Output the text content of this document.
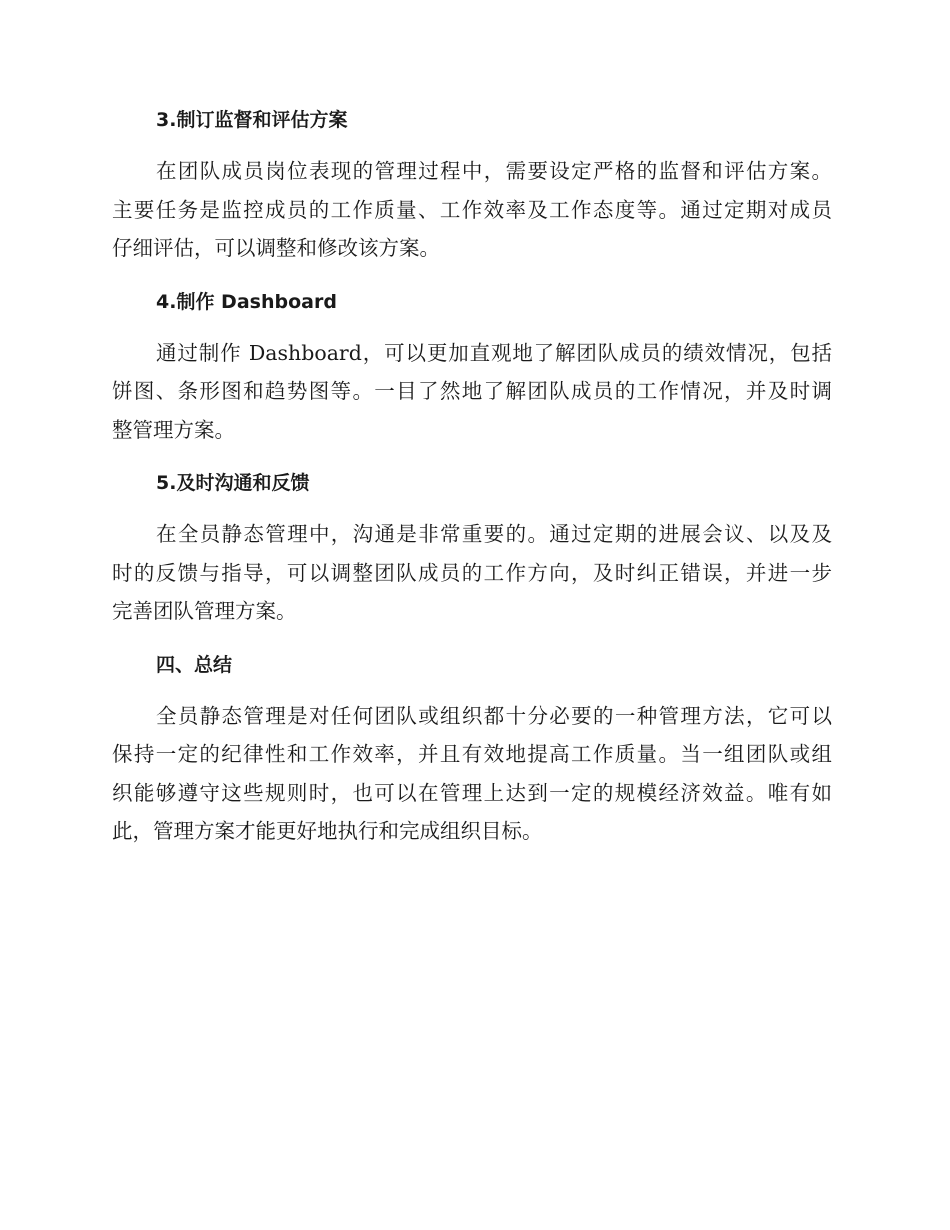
3.制订监督和评估方案
在团队成员岗位表现的管理过程中，需要设定严格的监督和评估方案。
主要任务是监控成员的工作质量、工作效率及工作态度等。通过定期对成员
仔细评估，可以调整和修改该方案。
4.制作 Dashboard
通过制作 Dashboard，可以更加直观地了解团队成员的绩效情况，包括
饼图、条形图和趋势图等。一目了然地了解团队成员的工作情况，并及时调
整管理方案。
5.及时沟通和反馈
在全员静态管理中，沟通是非常重要的。通过定期的进展会议、以及及
时的反馈与指导，可以调整团队成员的工作方向，及时纠正错误，并进一步
完善团队管理方案。
四、总结
全员静态管理是对任何团队或组织都十分必要的一种管理方法，它可以
保持一定的纪律性和工作效率，并且有效地提高工作质量。当一组团队或组
织能够遵守这些规则时，也可以在管理上达到一定的规模经济效益。唯有如
此，管理方案才能更好地执行和完成组织目标。
